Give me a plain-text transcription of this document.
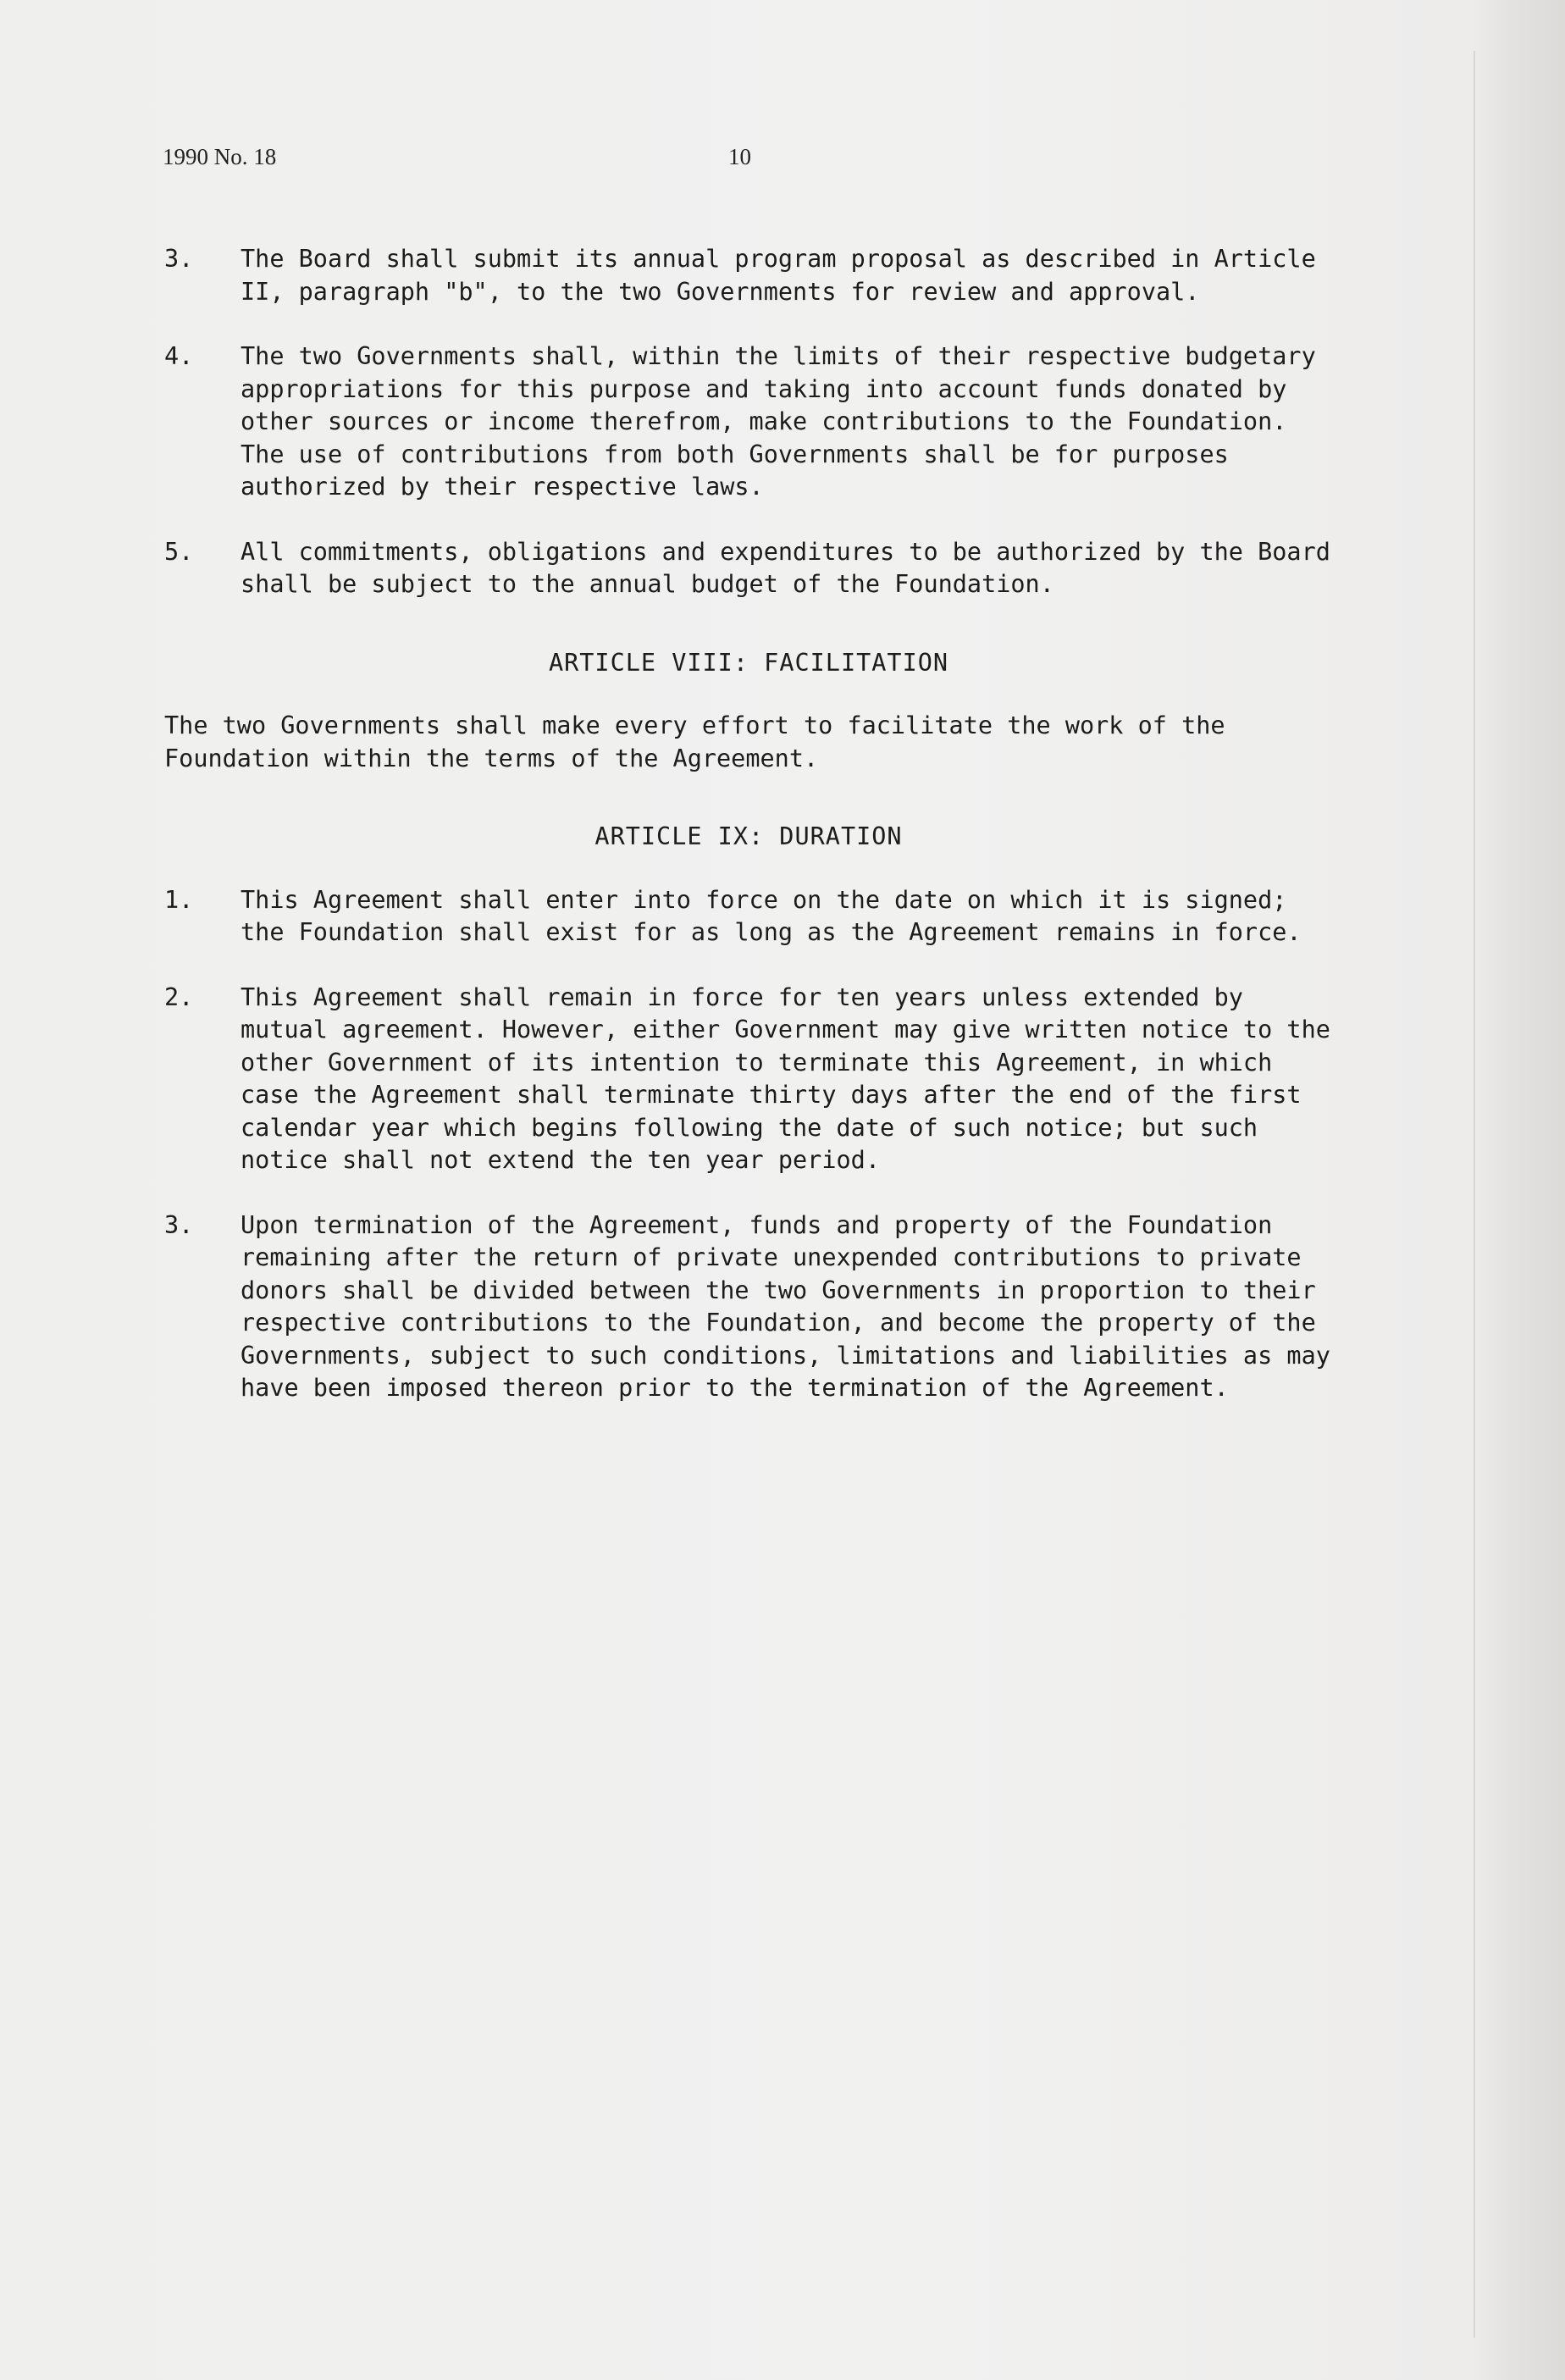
1990 No. 18	10
3.	The Board shall submit its annual program proposal as described in Article II, paragraph "b", to the two Governments for review and approval.
4.	The two Governments shall, within the limits of their respective budgetary appropriations for this purpose and taking into account funds donated by other sources or income therefrom, make contributions to the Foundation. The use of contributions from both Governments shall be for purposes authorized by their respective laws.
5.	All commitments, obligations and expenditures to be authorized by the Board shall be subject to the annual budget of the Foundation.
ARTICLE VIII: FACILITATION
The two Governments shall make every effort to facilitate the work of the Foundation within the terms of the Agreement.
ARTICLE IX: DURATION
1.	This Agreement shall enter into force on the date on which it is signed; the Foundation shall exist for as long as the Agreement remains in force.
2.	This Agreement shall remain in force for ten years unless extended by mutual agreement. However, either Government may give written notice to the other Government of its intention to terminate this Agreement, in which case the Agreement shall terminate thirty days after the end of the first calendar year which begins following the date of such notice; but such notice shall not extend the ten year period.
3.	Upon termination of the Agreement, funds and property of the Foundation remaining after the return of private unexpended contributions to private donors shall be divided between the two Governments in proportion to their respective contributions to the Foundation, and become the property of the Governments, subject to such conditions, limitations and liabilities as may have been imposed thereon prior to the termination of the Agreement.
